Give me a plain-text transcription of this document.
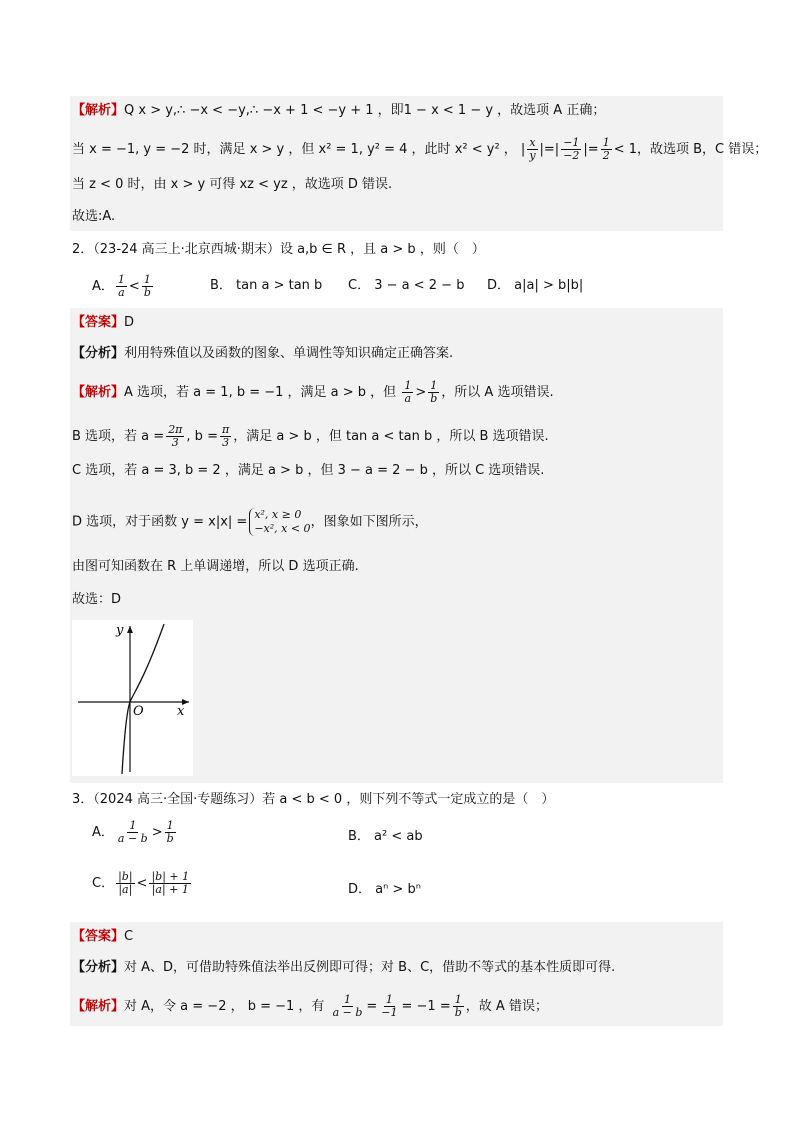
【解析】Q x > y,∴ −x < −y,∴ −x + 1 < −y + 1 ，即1 − x < 1 − y ，故选项 A 正确；
当 x = −1, y = −2 时，满足 x > y ，但 x² = 1, y² = 4 ，此时 x² < y² ， | $\frac{x}{y}$ |=| $\frac{-1}{-2}$ |= $\frac{1}{2} < 1$，故选项 B，C 错误；
当 z < 0 时，由 x > y 可得 xz < yz ，故选项 D 错误.
故选:A.
2．（23-24 高三上·北京西城·期末）设 a,b ∈ R ，且 a > b ，则（　）
A． $\frac{1}{a} < \frac{1}{b}$	B． tan a > tan b C． 3 − a < 2 − b D． a|a| > b|b|
【答案】D
【分析】利用特殊值以及函数的图象、单调性等知识确定正确答案.
【解析】A 选项，若 a = 1, b = −1 ，满足 a > b ，但 $\frac{1}{a} > \frac{1}{b}$ ，所以 A 选项错误.
B 选项，若 $a = \frac{2\pi}{3}$ , $b = \frac{\pi}{3}$ ，满足 a > b ，但 tan a < tan b ，所以 B 选项错误.
C 选项，若 a = 3, b = 2 ，满足 a > b ，但 3 − a = 2 − b ，所以 C 选项错误.
D 选项，对于函数 y = x|x| = x², x ≥ 0
−x², x < 0 ，图象如下图所示，
由图可知函数在 R 上单调递增，所以 D 选项正确.
故选：D
y
O	x
3．（2024 高三·全国·专题练习）若 a < b < 0 ，则下列不等式一定成立的是（　）
A． $\frac{1}{a - b} > \frac{1}{b}$	B． a² < ab
C． $\frac{|b|}{|a|} < \frac{|b| + 1}{|a| + 1}$	D． aⁿ > bⁿ
【答案】C
【分析】对 A、D，可借助特殊值法举出反例即可得；对 B、C，借助不等式的基本性质即可得.
【解析】对 A，令 a = −2 ， b = −1 ，有 $\frac{1}{a - b} = \frac{1}{-1} = -1 = \frac{1}{b}$ ，故 A 错误；
